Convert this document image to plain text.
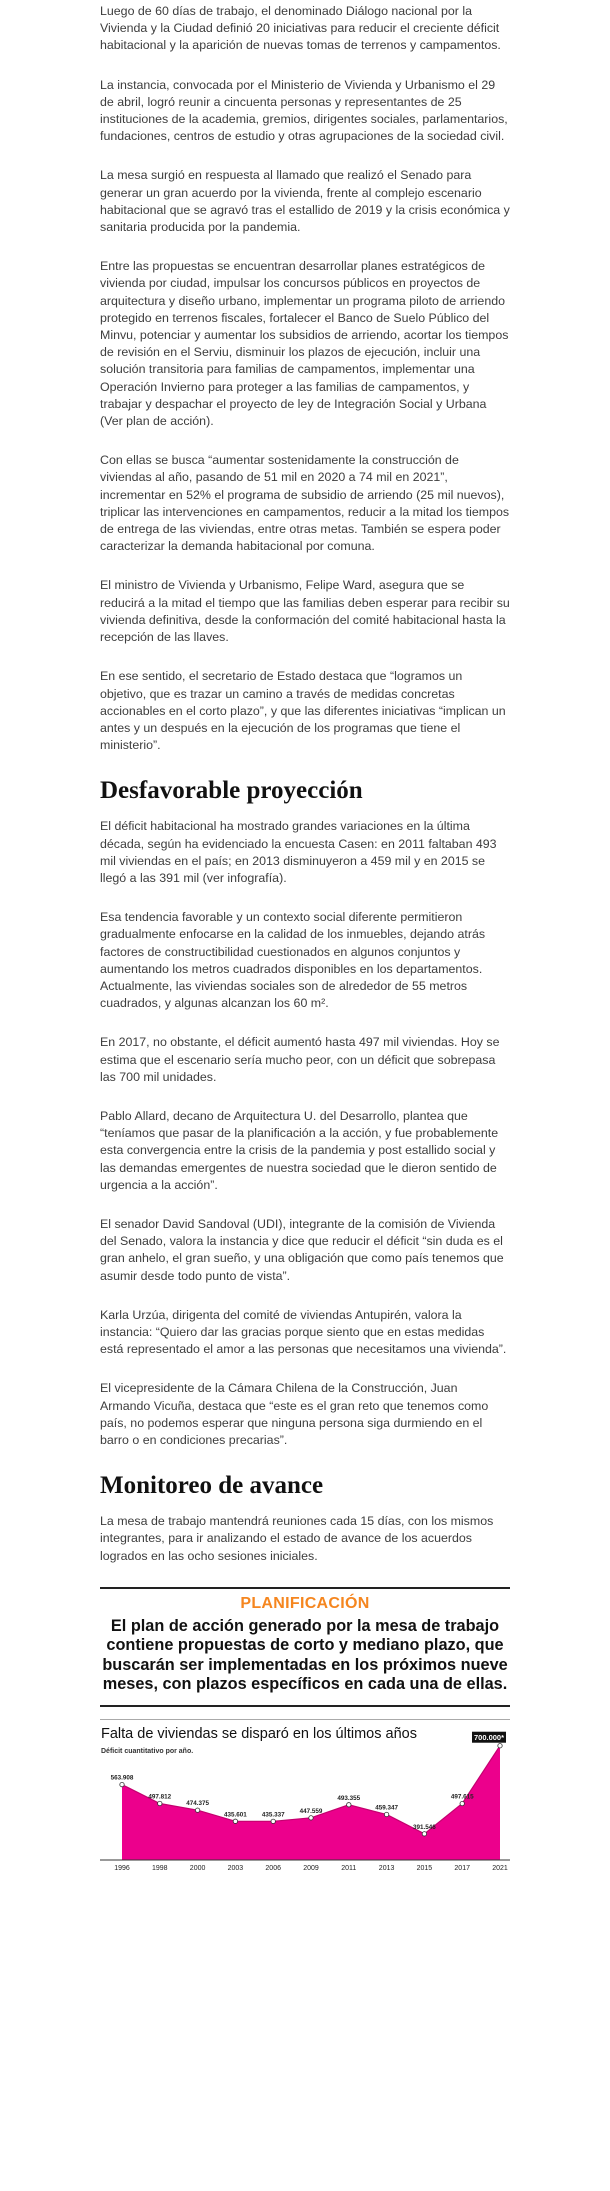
Luego de 60 días de trabajo, el denominado Diálogo nacional por la Vivienda y la Ciudad definió 20 iniciativas para reducir el creciente déficit habitacional y la aparición de nuevas tomas de terrenos y campamentos.

La instancia, convocada por el Ministerio de Vivienda y Urbanismo el 29 de abril, logró reunir a cincuenta personas y representantes de 25 instituciones de la academia, gremios, dirigentes sociales, parlamentarios, fundaciones, centros de estudio y otras agrupaciones de la sociedad civil.

La mesa surgió en respuesta al llamado que realizó el Senado para generar un gran acuerdo por la vivienda, frente al complejo escenario habitacional que se agravó tras el estallido de 2019 y la crisis económica y sanitaria producida por la pandemia.

Entre las propuestas se encuentran desarrollar planes estratégicos de vivienda por ciudad, impulsar los concursos públicos en proyectos de arquitectura y diseño urbano, implementar un programa piloto de arriendo protegido en terrenos fiscales, fortalecer el Banco de Suelo Público del Minvu, potenciar y aumentar los subsidios de arriendo, acortar los tiempos de revisión en el Serviu, disminuir los plazos de ejecución, incluir una solución transitoria para familias de campamentos, implementar una Operación Invierno para proteger a las familias de campamentos, y trabajar y despachar el proyecto de ley de Integración Social y Urbana (Ver plan de acción).

Con ellas se busca “aumentar sostenidamente la construcción de viviendas al año, pasando de 51 mil en 2020 a 74 mil en 2021”, incrementar en 52% el programa de subsidio de arriendo (25 mil nuevos), triplicar las intervenciones en campamentos, reducir a la mitad los tiempos de entrega de las viviendas, entre otras metas. También se espera poder caracterizar la demanda habitacional por comuna.

El ministro de Vivienda y Urbanismo, Felipe Ward, asegura que se reducirá a la mitad el tiempo que las familias deben esperar para recibir su vivienda definitiva, desde la conformación del comité habitacional hasta la recepción de las llaves.

En ese sentido, el secretario de Estado destaca que “logramos un objetivo, que es trazar un camino a través de medidas concretas accionables en el corto plazo”, y que las diferentes iniciativas “implican un antes y un después en la ejecución de los programas que tiene el ministerio”.

Desfavorable proyección

El déficit habitacional ha mostrado grandes variaciones en la última década, según ha evidenciado la encuesta Casen: en 2011 faltaban 493 mil viviendas en el país; en 2013 disminuyeron a 459 mil y en 2015 se llegó a las 391 mil (ver infografía).

Esa tendencia favorable y un contexto social diferente permitieron gradualmente enfocarse en la calidad de los inmuebles, dejando atrás factores de constructibilidad cuestionados en algunos conjuntos y aumentando los metros cuadrados disponibles en los departamentos. Actualmente, las viviendas sociales son de alrededor de 55 metros cuadrados, y algunas alcanzan los 60 m².

En 2017, no obstante, el déficit aumentó hasta 497 mil viviendas. Hoy se estima que el escenario sería mucho peor, con un déficit que sobrepasa las 700 mil unidades.

Pablo Allard, decano de Arquitectura U. del Desarrollo, plantea que “teníamos que pasar de la planificación a la acción, y fue probablemente esta convergencia entre la crisis de la pandemia y post estallido social y las demandas emergentes de nuestra sociedad que le dieron sentido de urgencia a la acción”.

El senador David Sandoval (UDI), integrante de la comisión de Vivienda del Senado, valora la instancia y dice que reducir el déficit “sin duda es el gran anhelo, el gran sueño, y una obligación que como país tenemos que asumir desde todo punto de vista”.

Karla Urzúa, dirigenta del comité de viviendas Antupirén, valora la instancia: “Quiero dar las gracias porque siento que en estas medidas está representado el amor a las personas que necesitamos una vivienda”.

El vicepresidente de la Cámara Chilena de la Construcción, Juan Armando Vicuña, destaca que “este es el gran reto que tenemos como país, no podemos esperar que ninguna persona siga durmiendo en el barro o en condiciones precarias”.

Monitoreo de avance

La mesa de trabajo mantendrá reuniones cada 15 días, con los mismos integrantes, para ir analizando el estado de avance de los acuerdos logrados en las ocho sesiones iniciales.

PLANIFICACIÓN
El plan de acción generado por la mesa de trabajo contiene propuestas de corto y mediano plazo, que buscarán ser implementadas en los próximos nueve meses, con plazos específicos en cada una de ellas.
Falta de viviendas se disparó en los últimos años
Déficit cuantitativo por año.
563.908
1996
497.812
1998
474.375
2000
435.601
2003
435.337
2006
447.559
2009
493.355
2011
459.347
2013
391.546
2015
497.615
2017
700.000*
2021
